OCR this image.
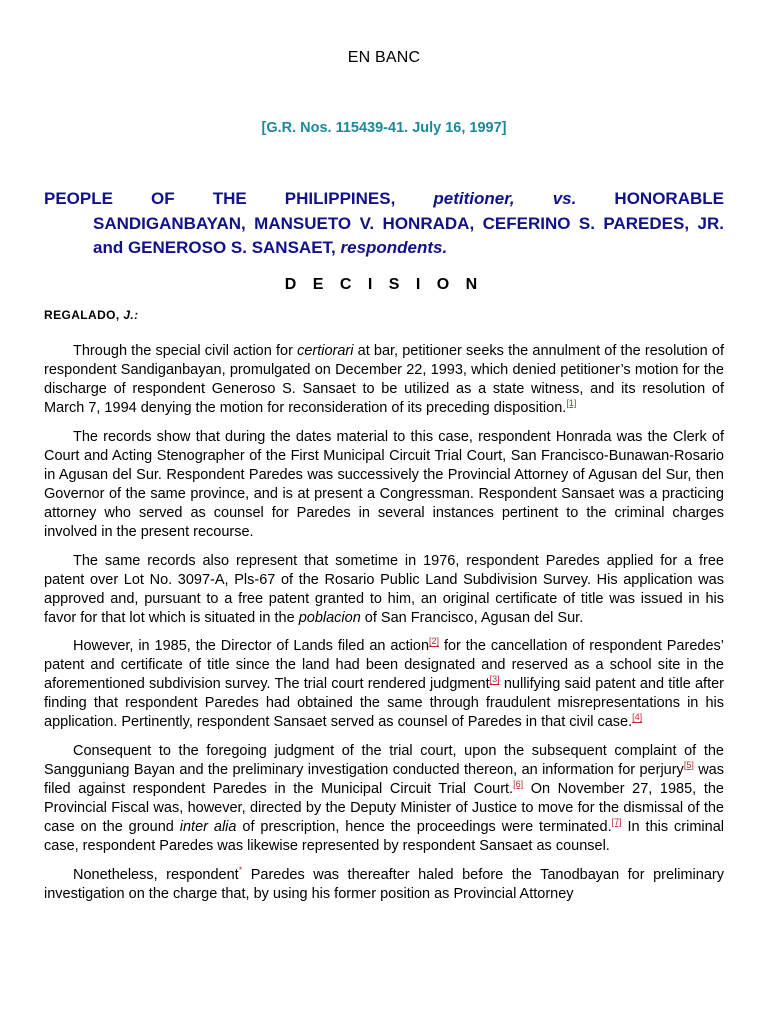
EN BANC
[G.R. Nos. 115439-41. July 16, 1997]
PEOPLE OF THE PHILIPPINES, petitioner, vs. HONORABLE
SANDIGANBAYAN, MANSUETO V. HONRADA, CEFERINO S. PAREDES, JR. and GENEROSO S. SANSAET, respondents.
D E C I S I O N
REGALADO, J.:

Through the special civil action for certiorari at bar, petitioner seeks the annulment of the resolution of respondent Sandiganbayan, promulgated on December 22, 1993, which denied petitioner’s motion for the discharge of respondent Generoso S. Sansaet to be utilized as a state witness, and its resolution of March 7, 1994 denying the motion for reconsideration of its preceding disposition.[1]

The records show that during the dates material to this case, respondent Honrada was the Clerk of Court and Acting Stenographer of the First Municipal Circuit Trial Court, San Francisco-Bunawan-Rosario in Agusan del Sur. Respondent Paredes was successively the Provincial Attorney of Agusan del Sur, then Governor of the same province, and is at present a Congressman. Respondent Sansaet was a practicing attorney who served as counsel for Paredes in several instances pertinent to the criminal charges involved in the present recourse.

The same records also represent that sometime in 1976, respondent Paredes applied for a free patent over Lot No. 3097-A, Pls-67 of the Rosario Public Land Subdivision Survey. His application was approved and, pursuant to a free patent granted to him, an original certificate of title was issued in his favor for that lot which is situated in the poblacion of San Francisco, Agusan del Sur.

However, in 1985, the Director of Lands filed an action[2] for the cancellation of respondent Paredes’ patent and certificate of title since the land had been designated and reserved as a school site in the aforementioned subdivision survey. The trial court rendered judgment[3] nullifying said patent and title after finding that respondent Paredes had obtained the same through fraudulent misrepresentations in his application. Pertinently, respondent Sansaet served as counsel of Paredes in that civil case.[4]

Consequent to the foregoing judgment of the trial court, upon the subsequent complaint of the Sangguniang Bayan and the preliminary investigation conducted thereon, an information for perjury[5] was filed against respondent Paredes in the Municipal Circuit Trial Court.[6] On November 27, 1985, the Provincial Fiscal was, however, directed by the Deputy Minister of Justice to move for the dismissal of the case on the ground inter alia of prescription, hence the proceedings were terminated.[7] In this criminal case, respondent Paredes was likewise represented by respondent Sansaet as counsel.

Nonetheless, respondent* Paredes was thereafter haled before the Tanodbayan for preliminary investigation on the charge that, by using his former position as Provincial Attorney
